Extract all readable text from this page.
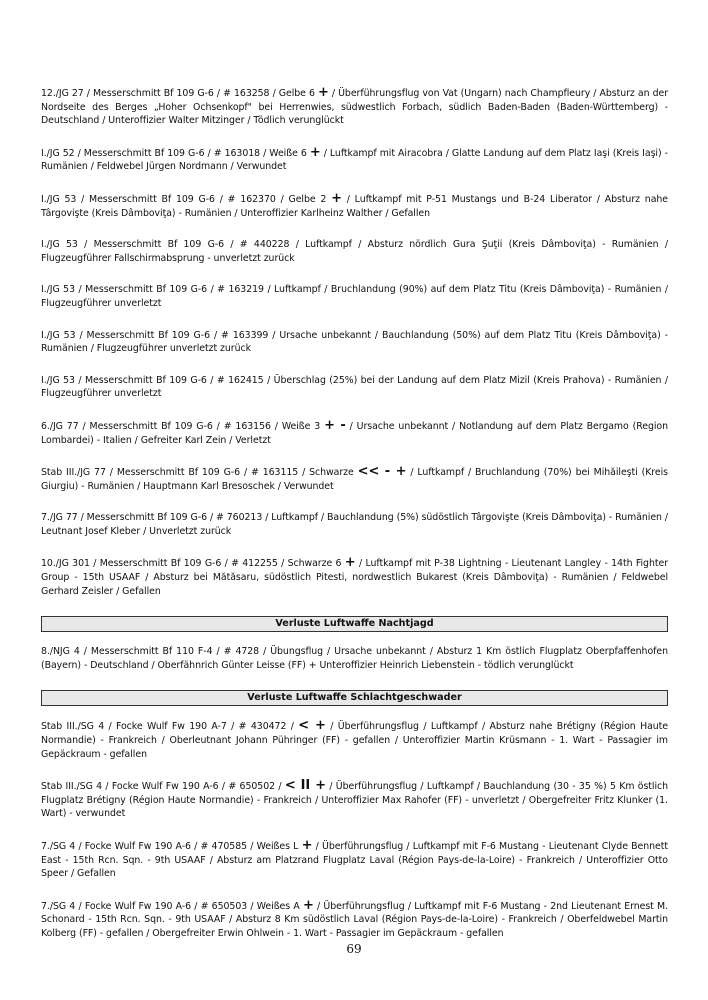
12./JG 27 / Messerschmitt Bf 109 G-6 / # 163258 / Gelbe 6 + / Überführungsflug von Vat (Ungarn) nach Champfleury / Absturz an der Nordseite des Berges „Hoher Ochsenkopf" bei Herrenwies, südwestlich Forbach, südlich Baden-Baden (Baden-Württemberg) - Deutschland / Unteroffizier Walter Mitzinger / Tödlich verunglückt

I./JG 52 / Messerschmitt Bf 109 G-6 / # 163018 / Weiße 6 + / Luftkampf mit Airacobra / Glatte Landung auf dem Platz Iaşi (Kreis Iaşi) - Rumänien / Feldwebel Jürgen Nordmann / Verwundet

I./JG 53 / Messerschmitt Bf 109 G-6 / # 162370 / Gelbe 2 + / Luftkampf mit P-51 Mustangs und B-24 Liberator / Absturz nahe Târgovişte (Kreis Dâmboviţa) - Rumänien / Unteroffizier Karlheinz Walther / Gefallen

I./JG 53 / Messerschmitt Bf 109 G-6 / # 440228 / Luftkampf / Absturz nördlich Gura Şuţii (Kreis Dâmboviţa) - Rumänien / Flugzeugführer Fallschirmabsprung - unverletzt zurück

I./JG 53 / Messerschmitt Bf 109 G-6 / # 163219 / Luftkampf / Bruchlandung (90%) auf dem Platz Titu (Kreis Dâmboviţa) - Rumänien / Flugzeugführer unverletzt

I./JG 53 / Messerschmitt Bf 109 G-6 / # 163399 / Ursache unbekannt / Bauchlandung (50%) auf dem Platz Titu (Kreis Dâmboviţa) - Rumänien / Flugzeugführer unverletzt zurück

I./JG 53 / Messerschmitt Bf 109 G-6 / # 162415 / Überschlag (25%) bei der Landung auf dem Platz Mizil (Kreis Prahova) - Rumänien / Flugzeugführer unverletzt

6./JG 77 / Messerschmitt Bf 109 G-6 / # 163156 / Weiße 3 + - / Ursache unbekannt / Notlandung auf dem Platz Bergamo (Region Lombardei) - Italien / Gefreiter Karl Zein / Verletzt

Stab III./JG 77 / Messerschmitt Bf 109 G-6 / # 163115 / Schwarze << - + / Luftkampf / Bruchlandung (70%) bei Mihăileşti (Kreis Giurgiu) - Rumänien / Hauptmann Karl Bresoschek / Verwundet

7./JG 77 / Messerschmitt Bf 109 G-6 / # 760213 / Luftkampf / Bauchlandung (5%) südöstlich Târgovişte (Kreis Dâmboviţa) - Rumänien / Leutnant Josef Kleber / Unverletzt zurück

10./JG 301 / Messerschmitt Bf 109 G-6 / # 412255 / Schwarze 6 + / Luftkampf mit P-38 Lightning - Lieutenant Langley - 14th Fighter Group - 15th USAAF / Absturz bei Mătăsaru, südöstlich Pitesti, nordwestlich Bukarest (Kreis Dâmboviţa) - Rumänien / Feldwebel Gerhard Zeisler / Gefallen

Verluste Luftwaffe Nachtjagd

8./NJG 4 / Messerschmitt Bf 110 F-4 / # 4728 / Übungsflug / Ursache unbekannt / Absturz 1 Km östlich Flugplatz Oberpfaffenhofen (Bayern) - Deutschland / Oberfähnrich Günter Leisse (FF) + Unteroffizier Heinrich Liebenstein - tödlich verunglückt

Verluste Luftwaffe Schlachtgeschwader

Stab III./SG 4 / Focke Wulf Fw 190 A-7 / # 430472 / < + / Überführungsflug / Luftkampf / Absturz nahe Brétigny (Région Haute Normandie) - Frankreich / Oberleutnant Johann Pühringer (FF) - gefallen / Unteroffizier Martin Krüsmann - 1. Wart - Passagier im Gepäckraum - gefallen

Stab III./SG 4 / Focke Wulf Fw 190 A-6 / # 650502 / < II + / Überführungsflug / Luftkampf / Bauchlandung (30 - 35 %) 5 Km östlich Flugplatz Brétigny (Région Haute Normandie) - Frankreich / Unteroffizier Max Rahofer (FF) - unverletzt / Obergefreiter Fritz Klunker (1. Wart) - verwundet

7./SG 4 / Focke Wulf Fw 190 A-6 / # 470585 / Weißes L + / Überführungsflug / Luftkampf mit F-6 Mustang - Lieutenant Clyde Bennett East - 15th Rcn. Sqn. - 9th USAAF / Absturz am Platzrand Flugplatz Laval (Région Pays-de-la-Loire) - Frankreich / Unteroffizier Otto Speer / Gefallen

7./SG 4 / Focke Wulf Fw 190 A-6 / # 650503 / Weißes A + / Überführungsflug / Luftkampf mit F-6 Mustang - 2nd Lieutenant Ernest M. Schonard - 15th Rcn. Sqn. - 9th USAAF / Absturz 8 Km südöstlich Laval (Région Pays-de-la-Loire) - Frankreich / Oberfeldwebel Martin Kolberg (FF) - gefallen / Obergefreiter Erwin Ohlwein - 1. Wart - Passagier im Gepäckraum - gefallen

69
